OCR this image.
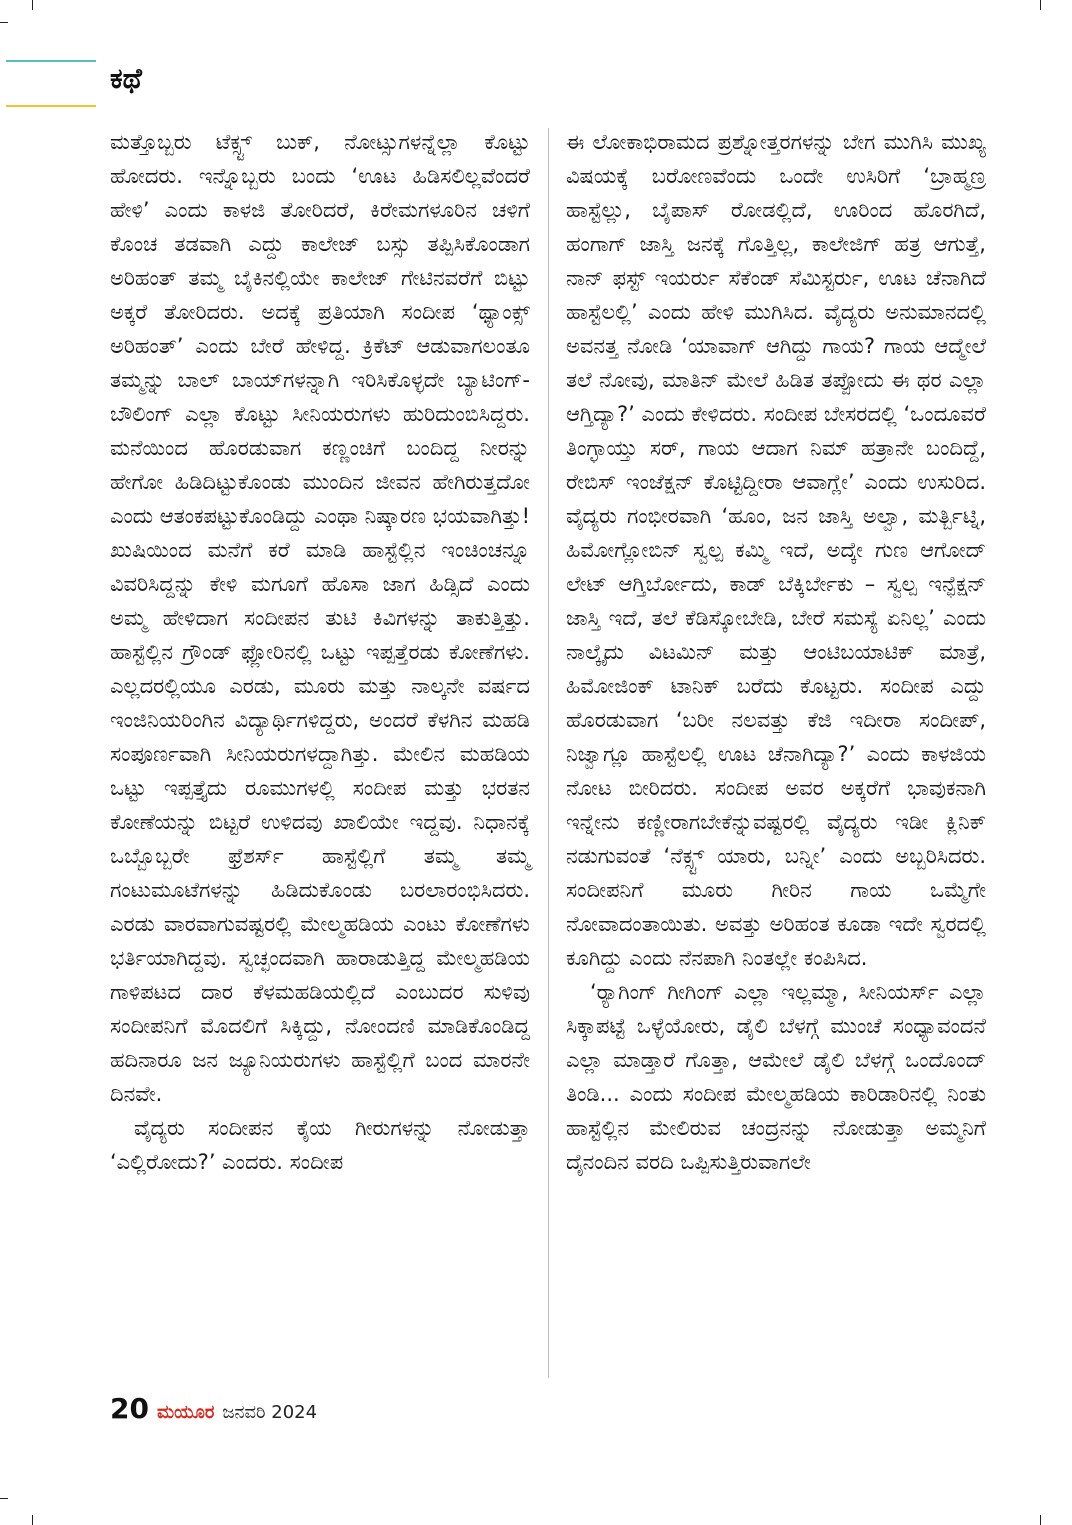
ಕಥೆ

ಮತ್ತೊಬ್ಬರು ಟೆಕ್ಸ್ಟ್ ಬುಕ್, ನೋಟ್ಸುಗಳನ್ನೆಲ್ಲಾ ಕೊಟ್ಟು ಹೋದರು. ಇನ್ನೊಬ್ಬರು ಬಂದು ‘ಊಟ ಹಿಡಿಸಲಿಲ್ಲವೆಂದರೆ ಹೇಳಿ’ ಎಂದು ಕಾಳಜಿ ತೋರಿದರೆ, ಕಿರೇಮಗಳೂರಿನ ಚಳಿಗೆ ಕೊಂಚ ತಡವಾಗಿ ಎದ್ದು ಕಾಲೇಜ್ ಬಸ್ಸು ತಪ್ಪಿಸಿಕೊಂಡಾಗ ಅರಿಹಂತ್ ತಮ್ಮ ಬೈಕಿನಲ್ಲಿಯೇ ಕಾಲೇಜ್ ಗೇಟಿನವರೆಗೆ ಬಿಟ್ಟು ಅಕ್ಕರೆ ತೋರಿದರು. ಅದಕ್ಕೆ ಪ್ರತಿಯಾಗಿ ಸಂದೀಪ ‘ಥ್ಯಾಂಕ್ಸ್ ಅರಿಹಂತ್’ ಎಂದು ಬೇರೆ ಹೇಳಿದ್ದ. ಕ್ರಿಕೆಟ್ ಆಡುವಾಗಲಂತೂ ತಮ್ಮನ್ನು ಬಾಲ್ ಬಾಯ್‌ಗಳನ್ನಾಗಿ ಇರಿಸಿಕೊಳ್ಳದೇ ಬ್ಯಾಟಿಂಗ್-ಬೌಲಿಂಗ್ ಎಲ್ಲಾ ಕೊಟ್ಟು ಸೀನಿಯರುಗಳು ಹುರಿದುಂಬಿಸಿದ್ದರು. ಮನೆಯಿಂದ ಹೊರಡುವಾಗ ಕಣ್ಣಂಚಿಗೆ ಬಂದಿದ್ದ ನೀರನ್ನು ಹೇಗೋ ಹಿಡಿದಿಟ್ಟುಕೊಂಡು ಮುಂದಿನ ಜೀವನ ಹೇಗಿರುತ್ತದೋ ಎಂದು ಆತಂಕಪಟ್ಟುಕೊಂಡಿದ್ದು ಎಂಥಾ ನಿಷ್ಕಾರಣ ಭಯವಾಗಿತ್ತು! ಖುಷಿಯಿಂದ ಮನೆಗೆ ಕರೆ ಮಾಡಿ ಹಾಸ್ಟೆಲ್ಲಿನ ಇಂಚಿಂಚನ್ನೂ ವಿವರಿಸಿದ್ದನ್ನು ಕೇಳಿ ಮಗೂಗೆ ಹೊಸಾ ಜಾಗ ಹಿಡ್ಸಿದೆ ಎಂದು ಅಮ್ಮ ಹೇಳಿದಾಗ ಸಂದೀಪನ ತುಟಿ ಕಿವಿಗಳನ್ನು ತಾಕುತ್ತಿತ್ತು. ಹಾಸ್ಟೆಲ್ಲಿನ ಗ್ರೌಂಡ್ ಫ್ಲೋರಿನಲ್ಲಿ ಒಟ್ಟು ಇಪ್ಪತ್ತೆರಡು ಕೋಣೆಗಳು. ಎಲ್ಲದರಲ್ಲಿಯೂ ಎರಡು, ಮೂರು ಮತ್ತು ನಾಲ್ಕನೇ ವರ್ಷದ ಇಂಜಿನಿಯರಿಂಗಿನ ವಿದ್ಯಾರ್ಥಿಗಳಿದ್ದರು, ಅಂದರೆ ಕೆಳಗಿನ ಮಹಡಿ ಸಂಪೂರ್ಣವಾಗಿ ಸೀನಿಯರುಗಳದ್ದಾಗಿತ್ತು. ಮೇಲಿನ ಮಹಡಿಯ ಒಟ್ಟು ಇಪ್ಪತ್ತೈದು ರೂಮುಗಳಲ್ಲಿ ಸಂದೀಪ ಮತ್ತು ಭರತನ ಕೋಣೆಯನ್ನು ಬಿಟ್ಟರೆ ಉಳಿದವು ಖಾಲಿಯೇ ಇದ್ದವು. ನಿಧಾನಕ್ಕೆ ಒಬ್ಬೊಬ್ಬರೇ ಫ್ರೆಶರ್ಸ್ ಹಾಸ್ಟೆಲ್ಲಿಗೆ ತಮ್ಮ ತಮ್ಮ ಗಂಟುಮೂಟೆಗಳನ್ನು ಹಿಡಿದುಕೊಂಡು ಬರಲಾರಂಭಿಸಿದರು. ಎರಡು ವಾರವಾಗುವಷ್ಟರಲ್ಲಿ ಮೇಲ್ಮಹಡಿಯ ಎಂಟು ಕೋಣೆಗಳು ಭರ್ತಿಯಾಗಿದ್ದವು. ಸ್ವಚ್ಛಂದವಾಗಿ ಹಾರಾಡುತ್ತಿದ್ದ ಮೇಲ್ಮಹಡಿಯ ಗಾಳಿಪಟದ ದಾರ ಕೆಳಮಹಡಿಯಲ್ಲಿದೆ ಎಂಬುದರ ಸುಳಿವು ಸಂದೀಪನಿಗೆ ಮೊದಲಿಗೆ ಸಿಕ್ಕಿದ್ದು, ನೋಂದಣಿ ಮಾಡಿಕೊಂಡಿದ್ದ ಹದಿನಾರೂ ಜನ ಜ್ಯೂನಿಯರುಗಳು ಹಾಸ್ಟೆಲ್ಲಿಗೆ ಬಂದ ಮಾರನೇ ದಿನವೇ.

ವೈದ್ಯರು ಸಂದೀಪನ ಕೈಯ ಗೀರುಗಳನ್ನು ನೋಡುತ್ತಾ ‘ಎಲ್ಲಿರೋದು?’ ಎಂದರು. ಸಂದೀಪ

ಈ ಲೋಕಾಭಿರಾಮದ ಪ್ರಶ್ನೋತ್ತರಗಳನ್ನು ಬೇಗ ಮುಗಿಸಿ ಮುಖ್ಯ ವಿಷಯಕ್ಕೆ ಬರೋಣವೆಂದು ಒಂದೇ ಉಸಿರಿಗೆ ‘ಬ್ರಾಹ್ಮಣ್ರ ಹಾಸ್ಟೆಲ್ಲು, ಬೈಪಾಸ್ ರೋಡಲ್ಲಿದೆ, ಊರಿಂದ ಹೊರಗಿದೆ, ಹಂಗಾಗ್ ಜಾಸ್ತಿ ಜನಕ್ಕೆ ಗೊತ್ತಿಲ್ಲ, ಕಾಲೇಜಿಗ್ ಹತ್ರ ಆಗುತ್ತೆ, ನಾನ್ ಫಸ್ಟ್ ಇಯರ್ರು ಸೆಕೆಂಡ್ ಸೆಮಿಸ್ಟರ್ರು, ಊಟ ಚೆನಾಗಿದೆ ಹಾಸ್ಟೆಲಲ್ಲಿ’ ಎಂದು ಹೇಳಿ ಮುಗಿಸಿದ. ವೈದ್ಯರು ಅನುಮಾನದಲ್ಲಿ ಅವನತ್ತ ನೋಡಿ ‘ಯಾವಾಗ್ ಆಗಿದ್ದು ಗಾಯ? ಗಾಯ ಆದ್ಮೇಲೆ ತಲೆ ನೋವು, ಮಾತಿನ್ ಮೇಲೆ ಹಿಡಿತ ತಪ್ಪೋದು ಈ ಥರ ಎಲ್ಲಾ ಆಗ್ತಿದ್ಯಾ?’ ಎಂದು ಕೇಳಿದರು. ಸಂದೀಪ ಬೇಸರದಲ್ಲಿ ‘ಒಂದೂವರೆ ತಿಂಗ್ಳಾಯ್ತು ಸರ್, ಗಾಯ ಆದಾಗ ನಿಮ್ ಹತ್ರಾನೇ ಬಂದಿದ್ದೆ, ರೇಬಿಸ್ ಇಂಜೆಕ್ಷನ್ ಕೊಟ್ಟಿದ್ದೀರಾ ಆವಾಗ್ಲೇ’ ಎಂದು ಉಸುರಿದ. ವೈದ್ಯರು ಗಂಭೀರವಾಗಿ ‘ಹೂಂ, ಜನ ಜಾಸ್ತಿ ಅಲ್ವಾ, ಮರ್ತ್ಬಿಟ್ನಿ, ಹಿಮೋಗ್ಲೋಬಿನ್ ಸ್ವಲ್ಪ ಕಮ್ಮಿ ಇದೆ, ಅದ್ಕೇ ಗುಣ ಆಗೋದ್ ಲೇಟ್ ಆಗ್ತಿರ್ಬೋದು, ಕಾಡ್ ಬೆಕ್ಕಿರ್ಬೇಕು – ಸ್ವಲ್ಪ ಇನ್ಫೆಕ್ಷನ್ ಜಾಸ್ತಿ ಇದೆ, ತಲೆ ಕೆಡಿಸ್ಕೋಬೇಡಿ, ಬೇರೆ ಸಮಸ್ಯೆ ಏನಿಲ್ಲ’ ಎಂದು ನಾಲ್ಕೈದು ವಿಟಮಿನ್ ಮತ್ತು ಆಂಟಿಬಯಾಟಿಕ್ ಮಾತ್ರೆ, ಹಿಮೋಜಿಂಕ್ ಟಾನಿಕ್ ಬರೆದು ಕೊಟ್ಟರು. ಸಂದೀಪ ಎದ್ದು ಹೊರಡುವಾಗ ‘ಬರೀ ನಲವತ್ತು ಕೆಜಿ ಇದೀರಾ ಸಂದೀಪ್, ನಿಜ್ವಾಗ್ಲೂ ಹಾಸ್ಟೆಲಲ್ಲಿ ಊಟ ಚೆನಾಗಿದ್ಯಾ?’ ಎಂದು ಕಾಳಜಿಯ ನೋಟ ಬೀರಿದರು. ಸಂದೀಪ ಅವರ ಅಕ್ಕರೆಗೆ ಭಾವುಕನಾಗಿ ಇನ್ನೇನು ಕಣ್ಣೀರಾಗಬೇಕೆನ್ನುವಷ್ಟರಲ್ಲಿ ವೈದ್ಯರು ಇಡೀ ಕ್ಲಿನಿಕ್ ನಡುಗುವಂತೆ ‘ನೆಕ್ಸ್ಟ್ ಯಾರು, ಬನ್ನೀ’ ಎಂದು ಅಬ್ಬರಿಸಿದರು. ಸಂದೀಪನಿಗೆ ಮೂರು ಗೀರಿನ ಗಾಯ ಒಮ್ಮೆಗೇ ನೋವಾದಂತಾಯಿತು. ಅವತ್ತು ಅರಿಹಂತ ಕೂಡಾ ಇದೇ ಸ್ವರದಲ್ಲಿ ಕೂಗಿದ್ದು ಎಂದು ನೆನಪಾಗಿ ನಿಂತಲ್ಲೇ ಕಂಪಿಸಿದ.

‘ರ್‍ಯಾಗಿಂಗ್ ಗೀಗಿಂಗ್ ಎಲ್ಲಾ ಇಲ್ಲಮ್ಮಾ, ಸೀನಿಯರ್ಸ್ ಎಲ್ಲಾ ಸಿಕ್ಕಾಪಟ್ಟೆ ಒಳ್ಳೆಯೋರು, ಡೈಲಿ ಬೆಳಗ್ಗೆ ಮುಂಚೆ ಸಂಧ್ಯಾವಂದನೆ ಎಲ್ಲಾ ಮಾಡ್ತಾರೆ ಗೊತ್ತಾ, ಆಮೇಲೆ ಡೈಲಿ ಬೆಳಗ್ಗೆ ಒಂದೊಂದ್ ತಿಂಡಿ... ಎಂದು ಸಂದೀಪ ಮೇಲ್ಮಹಡಿಯ ಕಾರಿಡಾರಿನಲ್ಲಿ ನಿಂತು ಹಾಸ್ಟೆಲ್ಲಿನ ಮೇಲಿರುವ ಚಂದ್ರನನ್ನು ನೋಡುತ್ತಾ ಅಮ್ಮನಿಗೆ ದೈನಂದಿನ ವರದಿ ಒಪ್ಪಿಸುತ್ತಿರುವಾಗಲೇ

20 ಮಯೂರ ಜನವರಿ 2024
